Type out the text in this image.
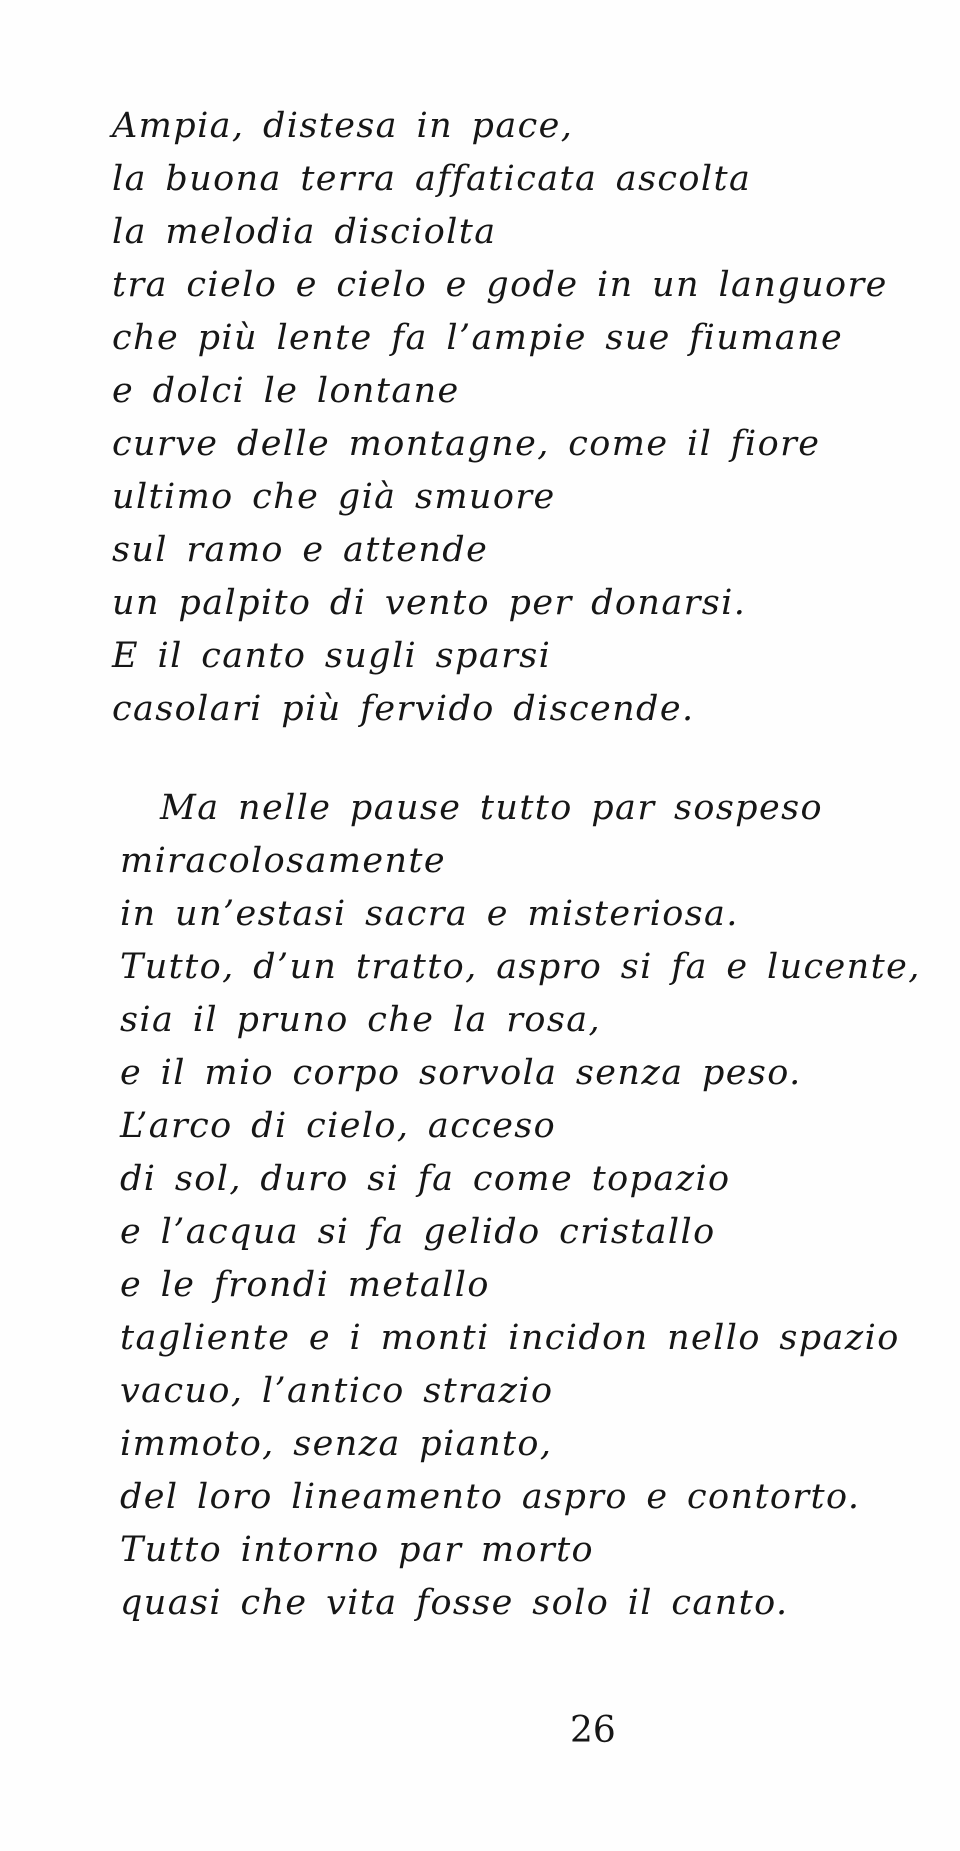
Ampia, distesa in pace,
la buona terra affaticata ascolta
la melodia disciolta
tra cielo e cielo e gode in un languore
che più lente fa l’ampie sue fiumane
e dolci le lontane
curve delle montagne, come il fiore
ultimo che già smuore
sul ramo e attende
un palpito di vento per donarsi.
E il canto sugli sparsi
casolari più fervido discende.
Ma nelle pause tutto par sospeso
miracolosamente
in un’estasi sacra e misteriosa.
Tutto, d’un tratto, aspro si fa e lucente,
sia il pruno che la rosa,
e il mio corpo sorvola senza peso.
L’arco di cielo, acceso
di sol, duro si fa come topazio
e l’acqua si fa gelido cristallo
e le frondi metallo
tagliente e i monti incidon nello spazio
vacuo, l’antico strazio
immoto, senza pianto,
del loro lineamento aspro e contorto.
Tutto intorno par morto
quasi che vita fosse solo il canto.
26
